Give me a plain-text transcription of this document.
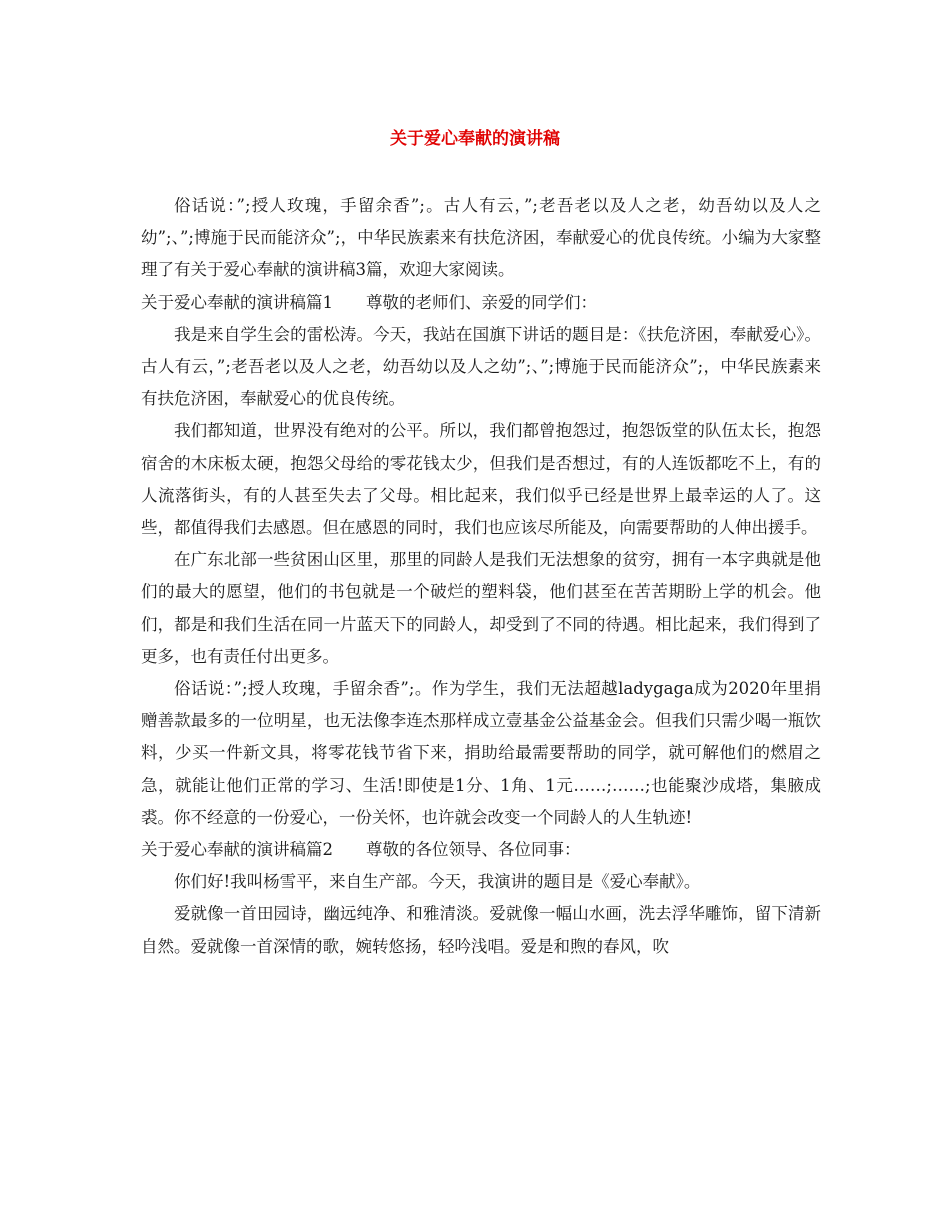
关于爱心奉献的演讲稿

俗话说：”;授人玫瑰，手留余香”;。古人有云，”;老吾老以及人之老，幼吾幼以及人之幼”;、”;博施于民而能济众”;，中华民族素来有扶危济困，奉献爱心的优良传统。小编为大家整理了有关于爱心奉献的演讲稿3篇，欢迎大家阅读。

关于爱心奉献的演讲稿篇1　　尊敬的老师们、亲爱的同学们：

我是来自学生会的雷松涛。今天，我站在国旗下讲话的题目是：《扶危济困，奉献爱心》。古人有云，”;老吾老以及人之老，幼吾幼以及人之幼”;、”;博施于民而能济众”;，中华民族素来有扶危济困，奉献爱心的优良传统。

我们都知道，世界没有绝对的公平。所以，我们都曾抱怨过，抱怨饭堂的队伍太长，抱怨宿舍的木床板太硬，抱怨父母给的零花钱太少，但我们是否想过，有的人连饭都吃不上，有的人流落街头，有的人甚至失去了父母。相比起来，我们似乎已经是世界上最幸运的人了。这些，都值得我们去感恩。但在感恩的同时，我们也应该尽所能及，向需要帮助的人伸出援手。

在广东北部一些贫困山区里，那里的同龄人是我们无法想象的贫穷，拥有一本字典就是他们的最大的愿望，他们的书包就是一个破烂的塑料袋，他们甚至在苦苦期盼上学的机会。他们，都是和我们生活在同一片蓝天下的同龄人，却受到了不同的待遇。相比起来，我们得到了更多，也有责任付出更多。

俗话说：”;授人玫瑰，手留余香”;。作为学生，我们无法超越ladygaga成为2020年里捐赠善款最多的一位明星，也无法像李连杰那样成立壹基金公益基金会。但我们只需少喝一瓶饮料，少买一件新文具，将零花钱节省下来，捐助给最需要帮助的同学，就可解他们的燃眉之急，就能让他们正常的学习、生活!即使是1分、1角、1元……;……;也能聚沙成塔，集腋成裘。你不经意的一份爱心，一份关怀，也许就会改变一个同龄人的人生轨迹!

关于爱心奉献的演讲稿篇2　　尊敬的各位领导、各位同事：

你们好!我叫杨雪平，来自生产部。今天，我演讲的题目是《爱心奉献》。

爱就像一首田园诗，幽远纯净、和雅清淡。爱就像一幅山水画，洗去浮华雕饰，留下清新自然。爱就像一首深情的歌，婉转悠扬，轻吟浅唱。爱是和煦的春风，吹
